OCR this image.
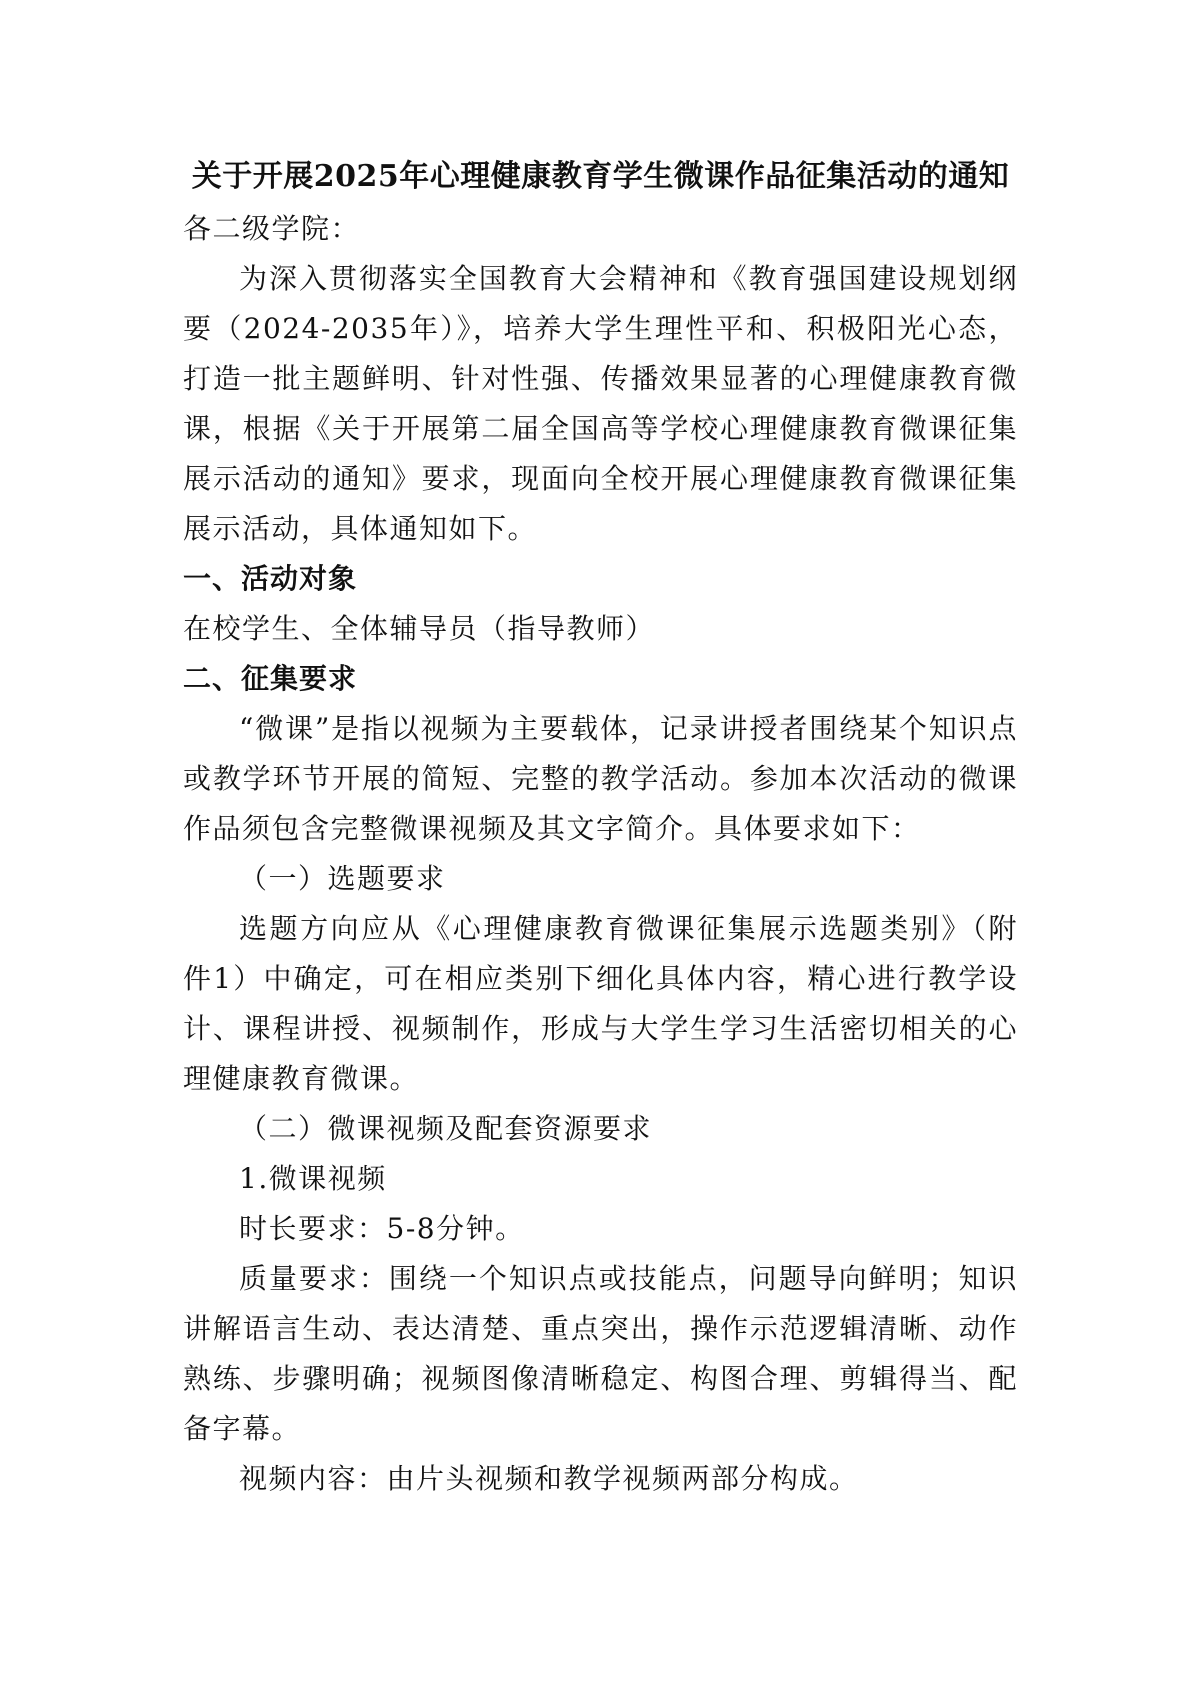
关于开展2025年心理健康教育学生微课作品征集活动的通知

各二级学院：

为深入贯彻落实全国教育大会精神和《教育强国建设规划纲要（2024-2035年）》，培养大学生理性平和、积极阳光心态，打造一批主题鲜明、针对性强、传播效果显著的心理健康教育微课，根据《关于开展第二届全国高等学校心理健康教育微课征集展示活动的通知》要求，现面向全校开展心理健康教育微课征集展示活动，具体通知如下。

一、活动对象

在校学生、全体辅导员（指导教师）

二、征集要求

“微课”是指以视频为主要载体，记录讲授者围绕某个知识点或教学环节开展的简短、完整的教学活动。参加本次活动的微课作品须包含完整微课视频及其文字简介。具体要求如下：

（一）选题要求

选题方向应从《心理健康教育微课征集展示选题类别》（附件1）中确定，可在相应类别下细化具体内容，精心进行教学设计、课程讲授、视频制作，形成与大学生学习生活密切相关的心理健康教育微课。

（二）微课视频及配套资源要求

1.微课视频

时长要求：5-8分钟。

质量要求：围绕一个知识点或技能点，问题导向鲜明；知识讲解语言生动、表达清楚、重点突出，操作示范逻辑清晰、动作熟练、步骤明确；视频图像清晰稳定、构图合理、剪辑得当、配备字幕。

视频内容：由片头视频和教学视频两部分构成。
